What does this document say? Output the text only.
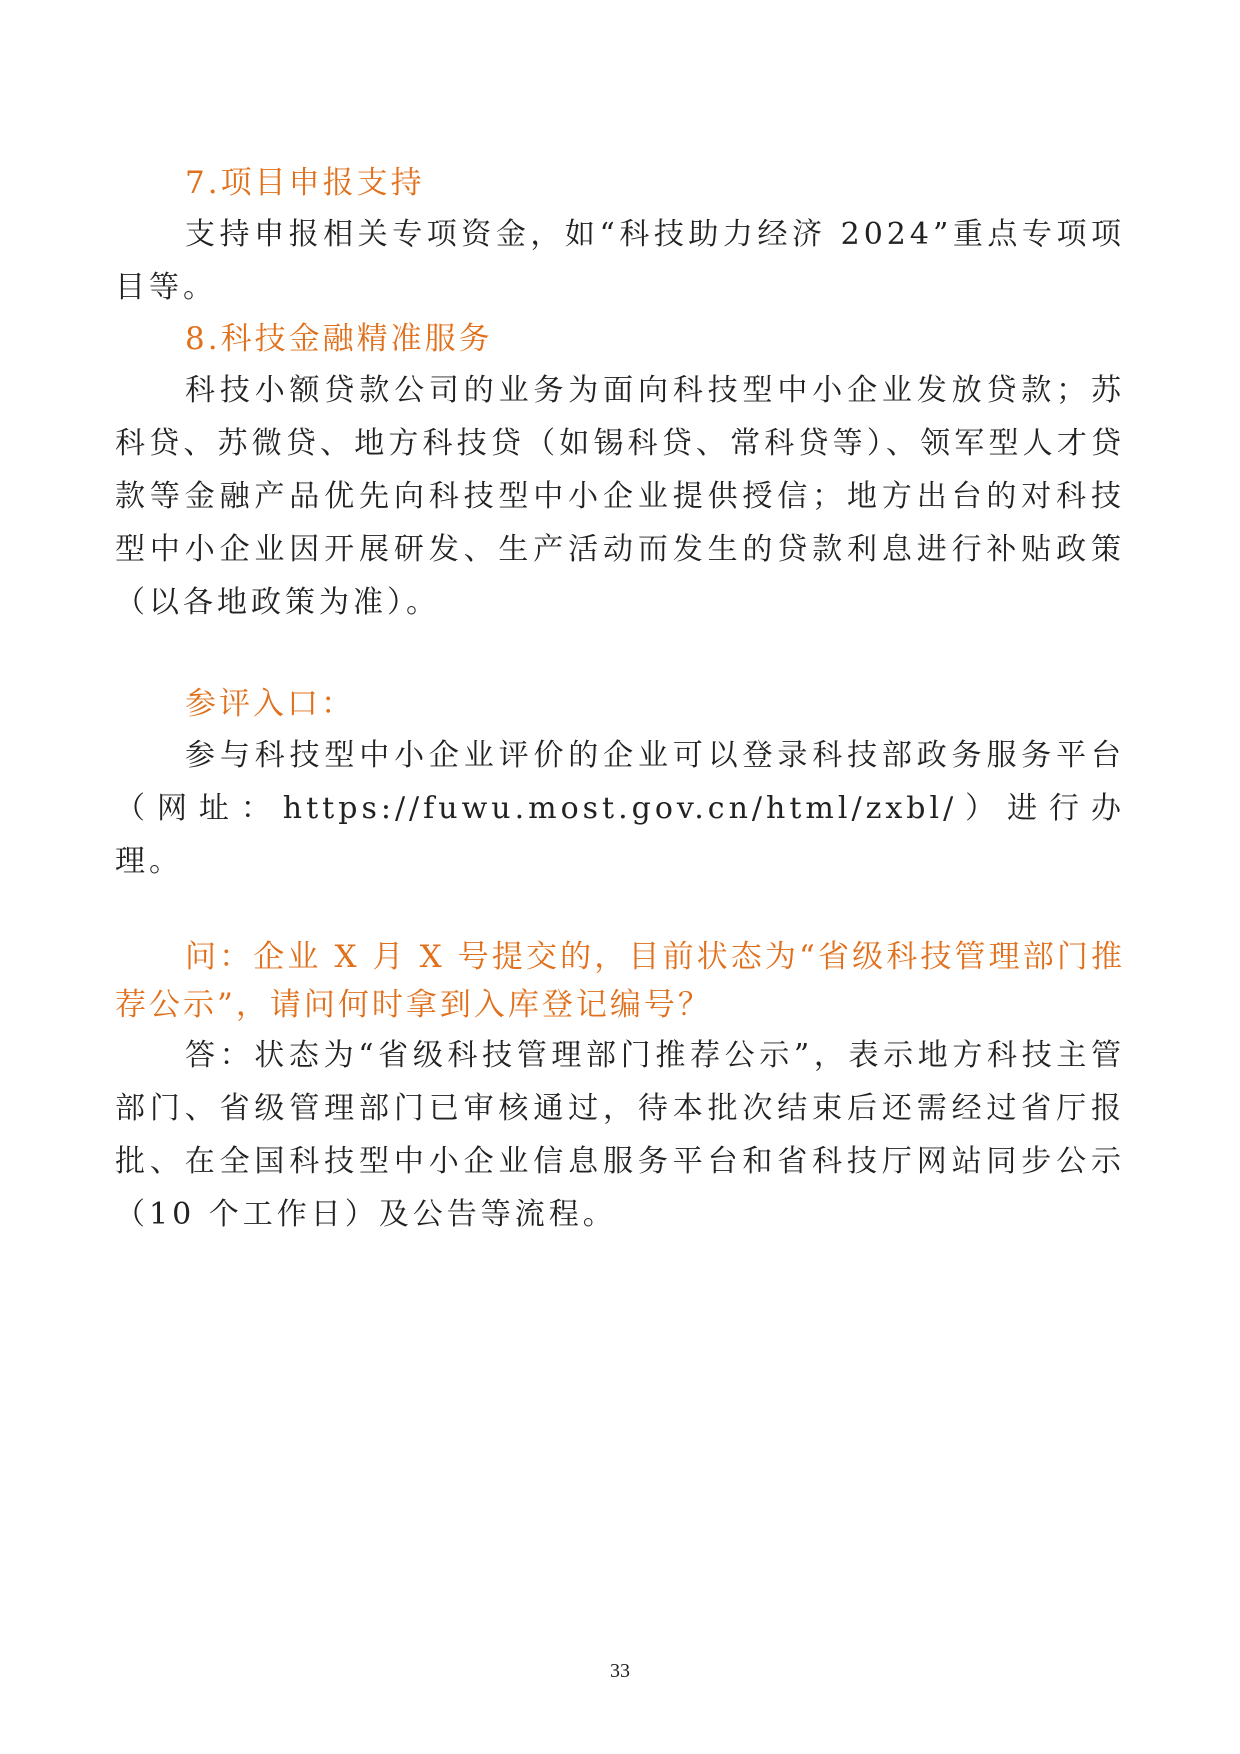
7.项目申报支持

支持申报相关专项资金，如“科技助力经济 2024”重点专项项目等。

8.科技金融精准服务

科技小额贷款公司的业务为面向科技型中小企业发放贷款；苏科贷、苏微贷、地方科技贷（如锡科贷、常科贷等）、领军型人才贷款等金融产品优先向科技型中小企业提供授信；地方出台的对科技型中小企业因开展研发、生产活动而发生的贷款利息进行补贴政策（以各地政策为准）。

参评入口：

参与科技型中小企业评价的企业可以登录科技部政务服务平台（网址：https://fuwu.most.gov.cn/html/zxbl/）进行办理。

问：企业 X 月 X 号提交的，目前状态为“省级科技管理部门推荐公示”，请问何时拿到入库登记编号？

答：状态为“省级科技管理部门推荐公示”，表示地方科技主管部门、省级管理部门已审核通过，待本批次结束后还需经过省厅报批、在全国科技型中小企业信息服务平台和省科技厅网站同步公示（10 个工作日）及公告等流程。

33
